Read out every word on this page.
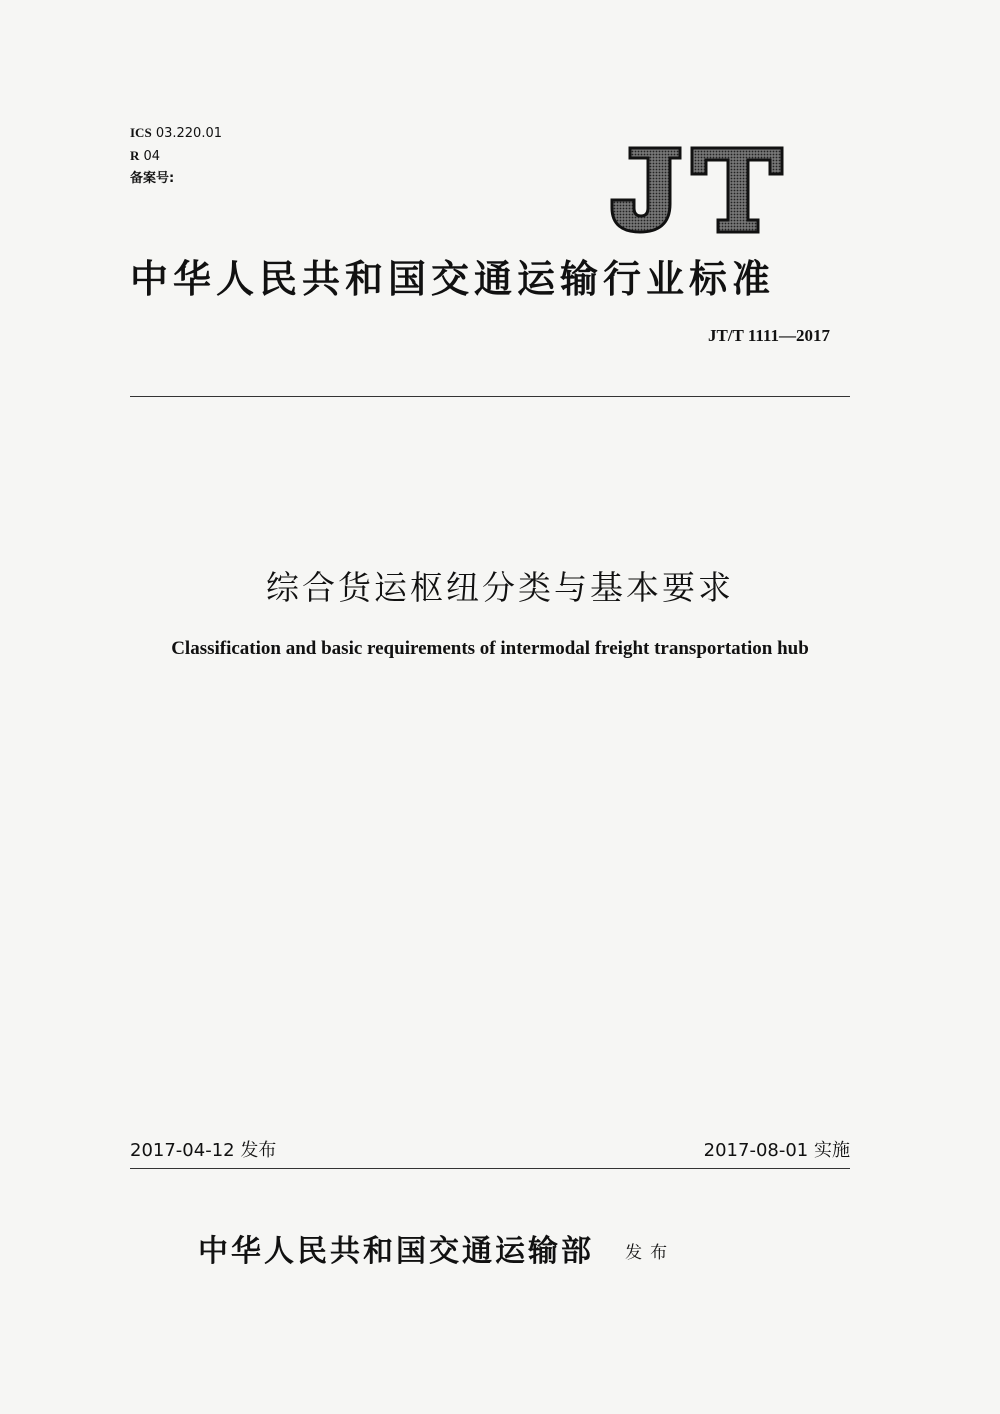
ICS 03.220.01
R 04
备案号:
JT
中华人民共和国交通运输行业标准
JT/T 1111—2017
综合货运枢纽分类与基本要求
Classification and basic requirements of intermodal freight transportation hub
2017-04-12 发布	2017-08-01 实施
中华人民共和国交通运输部 发布
